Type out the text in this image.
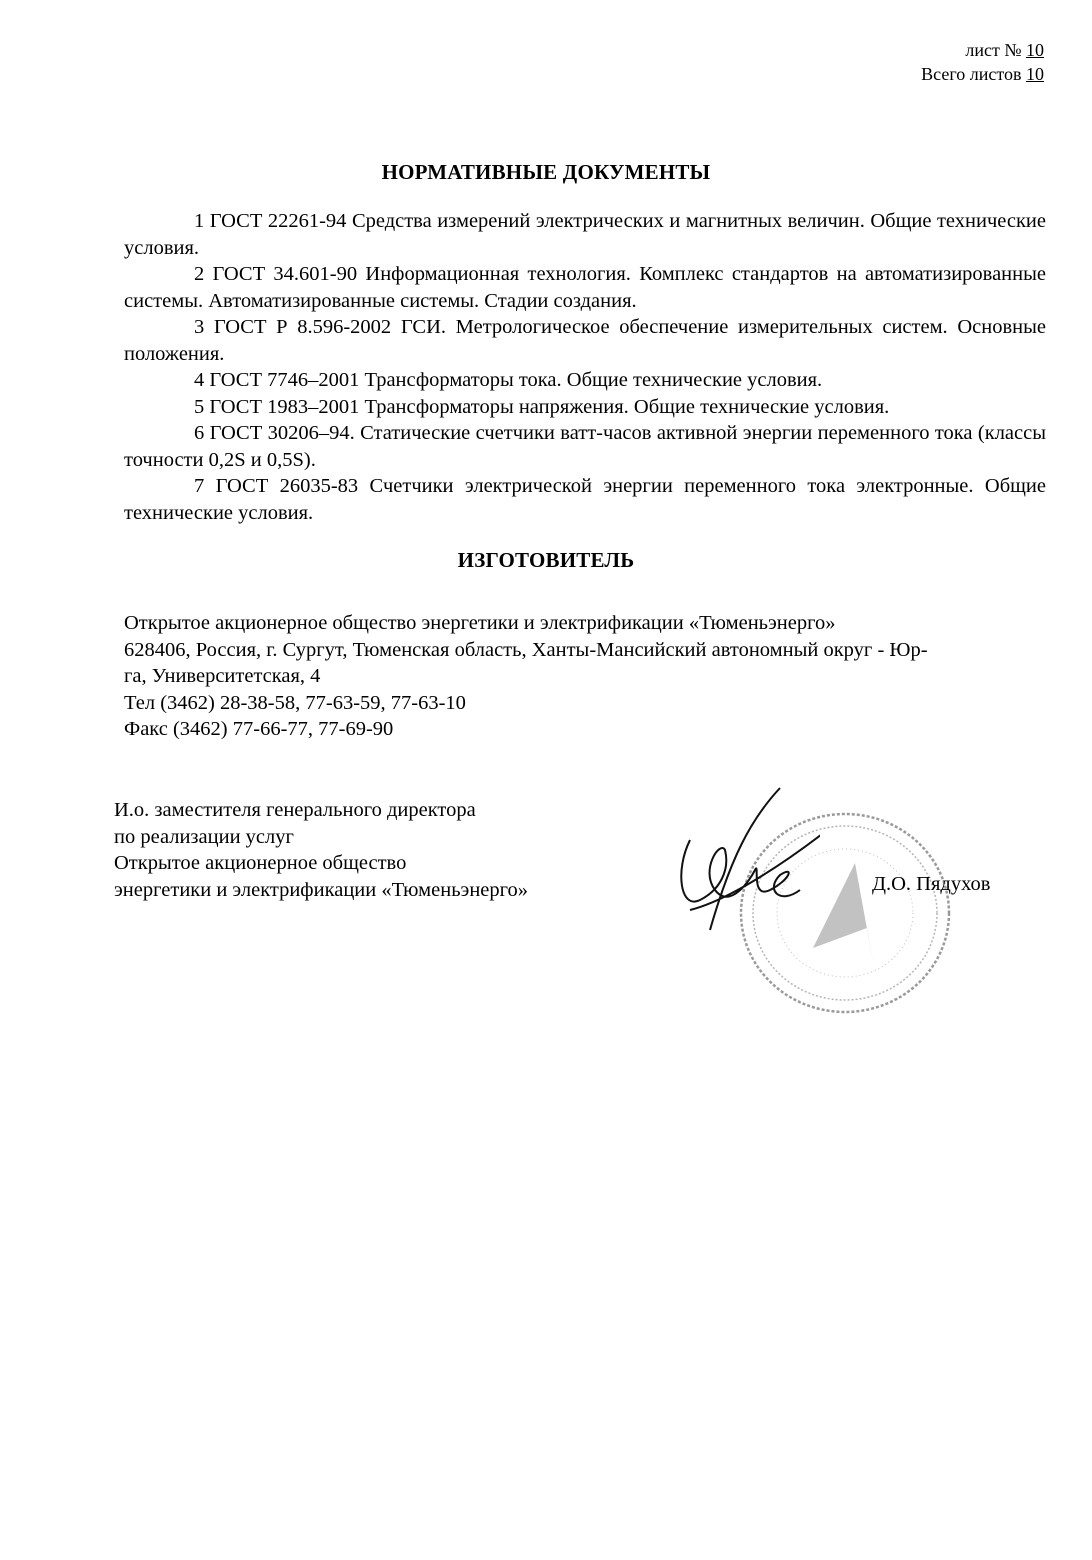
лист № 10
Всего листов 10
НОРМАТИВНЫЕ ДОКУМЕНТЫ

1 ГОСТ 22261-94 Средства измерений электрических и магнитных величин. Общие технические условия.

2 ГОСТ 34.601-90 Информационная технология. Комплекс стандартов на автоматизированные системы. Автоматизированные системы. Стадии создания.

3 ГОСТ Р 8.596-2002 ГСИ. Метрологическое обеспечение измерительных систем. Основные положения.

4 ГОСТ 7746–2001 Трансформаторы тока. Общие технические условия.

5 ГОСТ 1983–2001 Трансформаторы напряжения. Общие технические условия.

6 ГОСТ 30206–94. Статические счетчики ватт-часов активной энергии переменного тока (классы точности 0,2S и 0,5S).

7 ГОСТ 26035-83 Счетчики электрической энергии переменного тока электронные. Общие технические условия.

ИЗГОТОВИТЕЛЬ
Открытое акционерное общество энергетики и электрификации «Тюменьэнерго»
628406, Россия, г. Сургут, Тюменская область, Ханты-Мансийский автономный округ - Юр-
га, Университетская, 4
Тел (3462) 28-38-58, 77-63-59, 77-63-10
Факс (3462) 77-66-77, 77-69-90
И.о. заместителя генерального директора
по реализации услуг
Открытое акционерное общество
энергетики и электрификации «Тюменьэнерго»	Д.О. Пядухов
